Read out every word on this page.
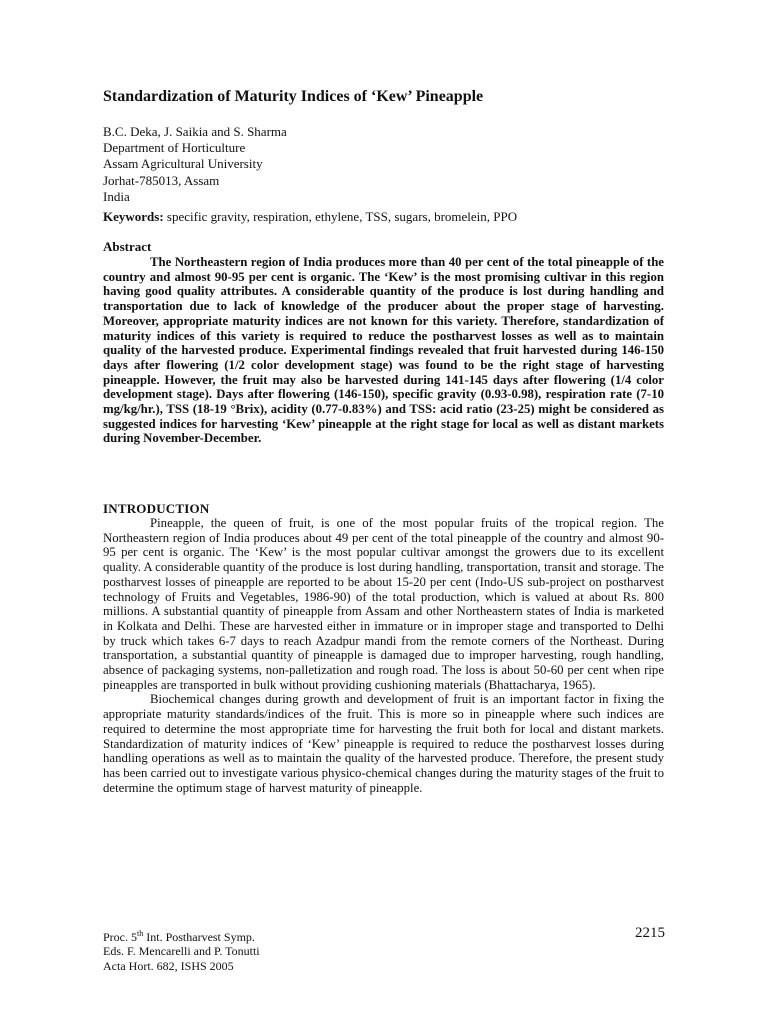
Standardization of Maturity Indices of ‘Kew’ Pineapple
B.C. Deka, J. Saikia and S. Sharma
Department of Horticulture
Assam Agricultural University
Jorhat-785013, Assam
India
Keywords: specific gravity, respiration, ethylene, TSS, sugars, bromelein, PPO
Abstract

The Northeastern region of India produces more than 40 per cent of the total pineapple of the country and almost 90-95 per cent is organic. The ‘Kew’ is the most promising cultivar in this region having good quality attributes. A considerable quantity of the produce is lost during handling and transportation due to lack of knowledge of the producer about the proper stage of harvesting. Moreover, appropriate maturity indices are not known for this variety. Therefore, standardization of maturity indices of this variety is required to reduce the postharvest losses as well as to maintain quality of the harvested produce. Experimental findings revealed that fruit harvested during 146-150 days after flowering (1/2 color development stage) was found to be the right stage of harvesting pineapple. However, the fruit may also be harvested during 141-145 days after flowering (1/4 color development stage). Days after flowering (146-150), specific gravity (0.93-0.98), respiration rate (7-10 mg/kg/hr.), TSS (18-19 °Brix), acidity (0.77-0.83%) and TSS: acid ratio (23-25) might be considered as suggested indices for harvesting ‘Kew’ pineapple at the right stage for local as well as distant markets during November-December.

INTRODUCTION

Pineapple, the queen of fruit, is one of the most popular fruits of the tropical region. The Northeastern region of India produces about 49 per cent of the total pineapple of the country and almost 90-95 per cent is organic. The ‘Kew’ is the most popular cultivar amongst the growers due to its excellent quality. A considerable quantity of the produce is lost during handling, transportation, transit and storage. The postharvest losses of pineapple are reported to be about 15-20 per cent (Indo-US sub-project on postharvest technology of Fruits and Vegetables, 1986-90) of the total production, which is valued at about Rs. 800 millions. A substantial quantity of pineapple from Assam and other Northeastern states of India is marketed in Kolkata and Delhi. These are harvested either in immature or in improper stage and transported to Delhi by truck which takes 6-7 days to reach Azadpur mandi from the remote corners of the Northeast. During transportation, a substantial quantity of pineapple is damaged due to improper harvesting, rough handling, absence of packaging systems, non-palletization and rough road. The loss is about 50-60 per cent when ripe pineapples are transported in bulk without providing cushioning materials (Bhattacharya, 1965).

Biochemical changes during growth and development of fruit is an important factor in fixing the appropriate maturity standards/indices of the fruit. This is more so in pineapple where such indices are required to determine the most appropriate time for harvesting the fruit both for local and distant markets. Standardization of maturity indices of ‘Kew’ pineapple is required to reduce the postharvest losses during handling operations as well as to maintain the quality of the harvested produce. Therefore, the present study has been carried out to investigate various physico-chemical changes during the maturity stages of the fruit to determine the optimum stage of harvest maturity of pineapple.

Proc. 5th Int. Postharvest Symp.
Eds. F. Mencarelli and P. Tonutti
Acta Hort. 682, ISHS 2005
2215
